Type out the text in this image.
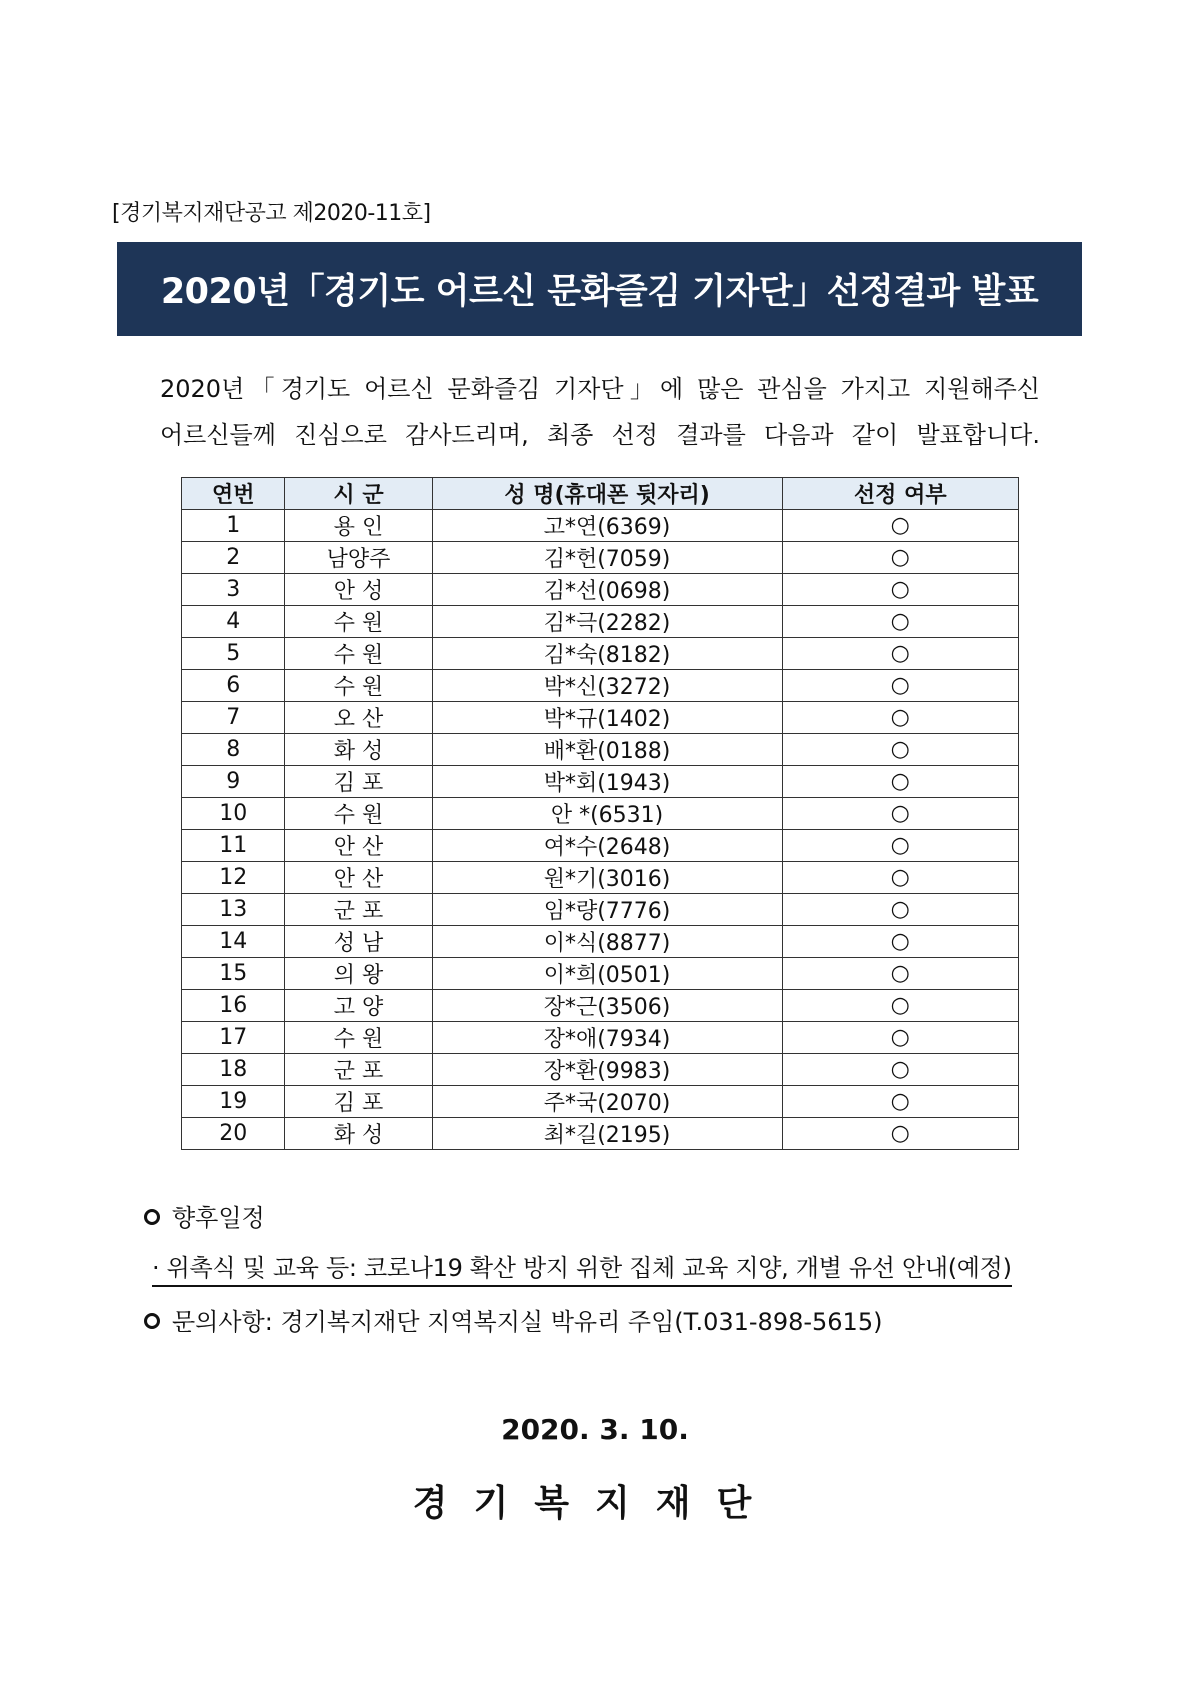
[경기복지재단공고 제2020-11호]
2020년「경기도 어르신 문화즐김 기자단」선정결과 발표

2020년「경기도 어르신 문화즐김 기자단」에 많은 관심을 가지고 지원해주신

어르신들께 진심으로 감사드리며, 최종 선정 결과를 다음과 같이 발표합니다.

연번	시 군	성 명(휴대폰 뒷자리)	선정 여부
1	용 인	고*연(6369)	○
2	남양주	김*헌(7059)	○
3	안 성	김*선(0698)	○
4	수 원	김*극(2282)	○
5	수 원	김*숙(8182)	○
6	수 원	박*신(3272)	○
7	오 산	박*규(1402)	○
8	화 성	배*환(0188)	○
9	김 포	박*회(1943)	○
10	수 원	안 *(6531)	○
11	안 산	여*수(2648)	○
12	안 산	원*기(3016)	○
13	군 포	임*량(7776)	○
14	성 남	이*식(8877)	○
15	의 왕	이*희(0501)	○
16	고 양	장*근(3506)	○
17	수 원	장*애(7934)	○
18	군 포	장*환(9983)	○
19	김 포	주*국(2070)	○
20	화 성	최*길(2195)	○
향후일정
· 위촉식 및 교육 등: 코로나19 확산 방지 위한 집체 교육 지양, 개별 유선 안내(예정)
문의사항: 경기복지재단 지역복지실 박유리 주임(T.031-898-5615)
2020. 3. 10.
경기복지재단
